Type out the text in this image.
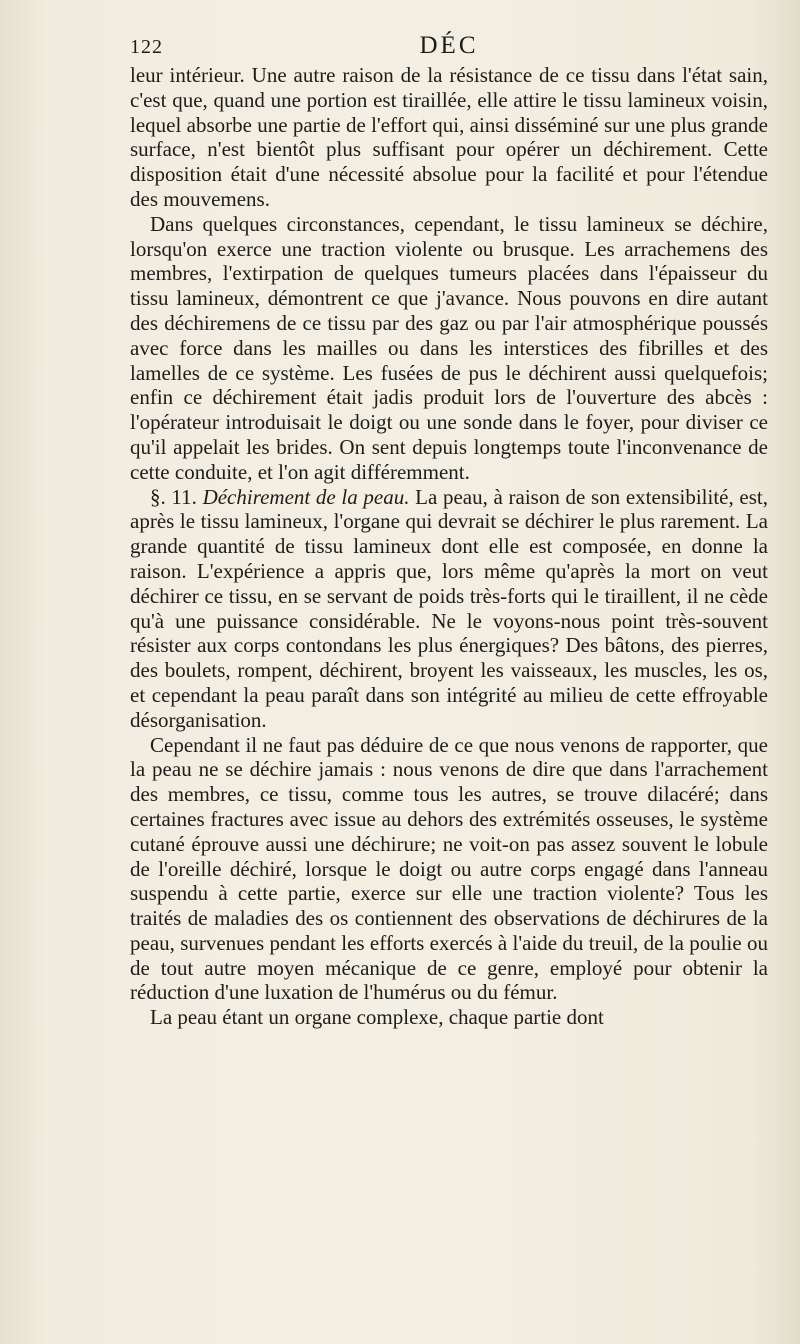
122	DÉC

leur intérieur. Une autre raison de la résistance de ce tissu dans l'état sain, c'est que, quand une portion est tiraillée, elle attire le tissu lamineux voisin, lequel absorbe une partie de l'effort qui, ainsi disséminé sur une plus grande surface, n'est bientôt plus suffisant pour opérer un déchirement. Cette disposition était d'une nécessité absolue pour la facilité et pour l'étendue des mouvemens.

Dans quelques circonstances, cependant, le tissu lamineux se déchire, lorsqu'on exerce une traction violente ou brusque. Les arrachemens des membres, l'extirpation de quelques tumeurs placées dans l'épaisseur du tissu lamineux, démontrent ce que j'avance. Nous pouvons en dire autant des déchiremens de ce tissu par des gaz ou par l'air atmosphérique poussés avec force dans les mailles ou dans les interstices des fibrilles et des lamelles de ce système. Les fusées de pus le déchirent aussi quelquefois; enfin ce déchirement était jadis produit lors de l'ouverture des abcès : l'opérateur introduisait le doigt ou une sonde dans le foyer, pour diviser ce qu'il appelait les brides. On sent depuis longtemps toute l'inconvenance de cette conduite, et l'on agit différemment.

§. 11. Déchirement de la peau. La peau, à raison de son extensibilité, est, après le tissu lamineux, l'organe qui devrait se déchirer le plus rarement. La grande quantité de tissu lamineux dont elle est composée, en donne la raison. L'expérience a appris que, lors même qu'après la mort on veut déchirer ce tissu, en se servant de poids très-forts qui le tiraillent, il ne cède qu'à une puissance considérable. Ne le voyons-nous point très-souvent résister aux corps contondans les plus énergiques? Des bâtons, des pierres, des boulets, rompent, déchirent, broyent les vaisseaux, les muscles, les os, et cependant la peau paraît dans son intégrité au milieu de cette effroyable désorganisation.

Cependant il ne faut pas déduire de ce que nous venons de rapporter, que la peau ne se déchire jamais : nous venons de dire que dans l'arrachement des membres, ce tissu, comme tous les autres, se trouve dilacéré; dans certaines fractures avec issue au dehors des extrémités osseuses, le système cutané éprouve aussi une déchirure; ne voit-on pas assez souvent le lobule de l'oreille déchiré, lorsque le doigt ou autre corps engagé dans l'anneau suspendu à cette partie, exerce sur elle une traction violente? Tous les traités de maladies des os contiennent des observations de déchirures de la peau, survenues pendant les efforts exercés à l'aide du treuil, de la poulie ou de tout autre moyen mécanique de ce genre, employé pour obtenir la réduction d'une luxation de l'humérus ou du fémur.

La peau étant un organe complexe, chaque partie dont
